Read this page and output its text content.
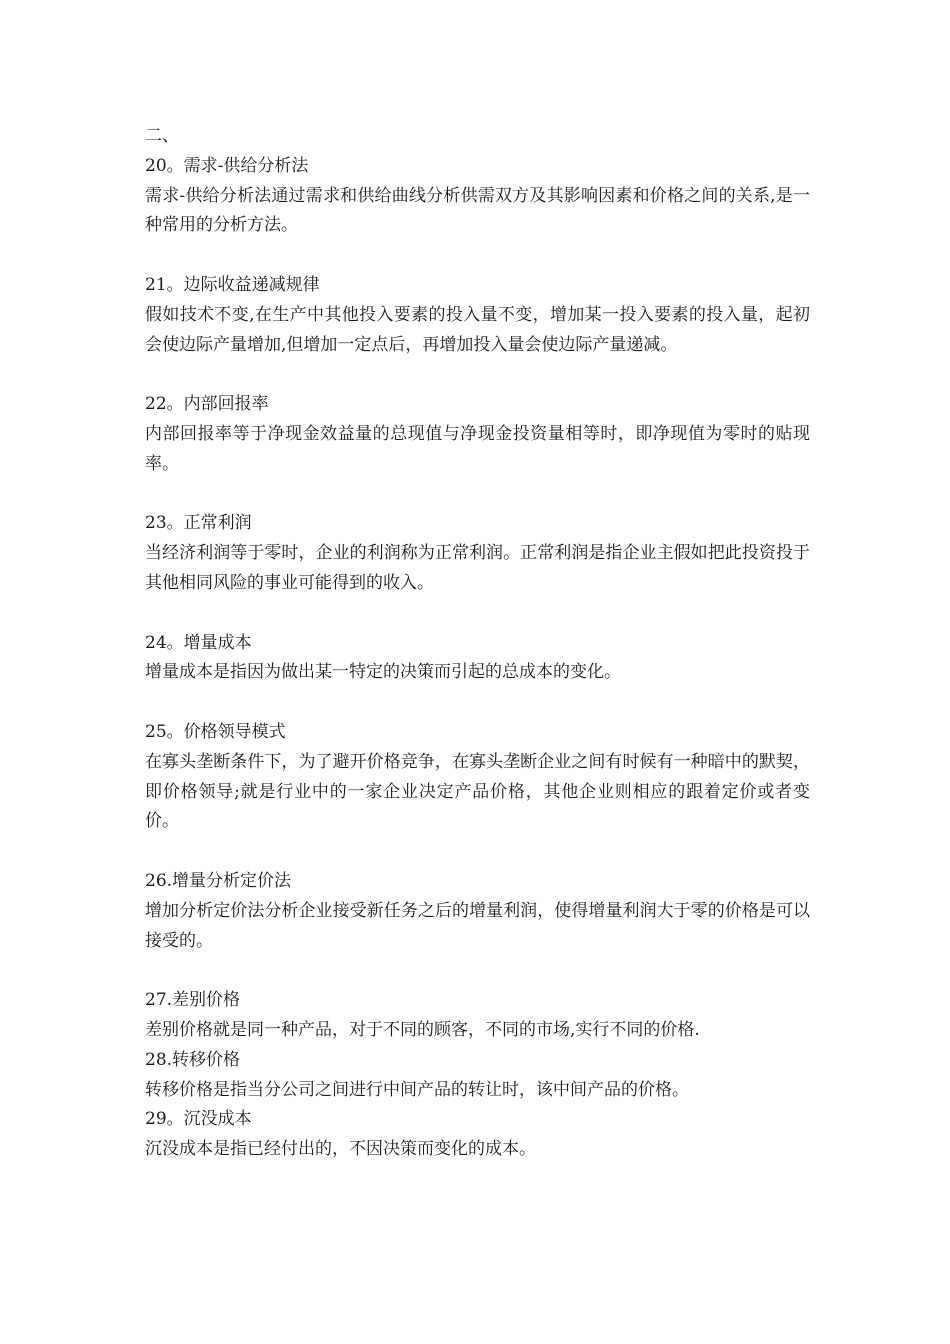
二、

20。需求-供给分析法

需求-供给分析法通过需求和供给曲线分析供需双方及其影响因素和价格之间的关系,是一种常用的分析方法。

21。边际收益递减规律

假如技术不变,在生产中其他投入要素的投入量不变，增加某一投入要素的投入量，起初会使边际产量增加,但增加一定点后，再增加投入量会使边际产量递减。

22。内部回报率

内部回报率等于净现金效益量的总现值与净现金投资量相等时，即净现值为零时的贴现率。

23。正常利润

当经济利润等于零时，企业的利润称为正常利润。正常利润是指企业主假如把此投资投于其他相同风险的事业可能得到的收入。

24。增量成本

增量成本是指因为做出某一特定的决策而引起的总成本的变化。

25。价格领导模式

在寡头垄断条件下，为了避开价格竞争，在寡头垄断企业之间有时候有一种暗中的默契，即价格领导;就是行业中的一家企业决定产品价格，其他企业则相应的跟着定价或者变价。

26.增量分析定价法

增加分析定价法分析企业接受新任务之后的增量利润，使得增量利润大于零的价格是可以接受的。

27.差别价格

差别价格就是同一种产品，对于不同的顾客，不同的市场,实行不同的价格.

28.转移价格

转移价格是指当分公司之间进行中间产品的转让时，该中间产品的价格。

29。沉没成本

沉没成本是指已经付出的，不因决策而变化的成本。
